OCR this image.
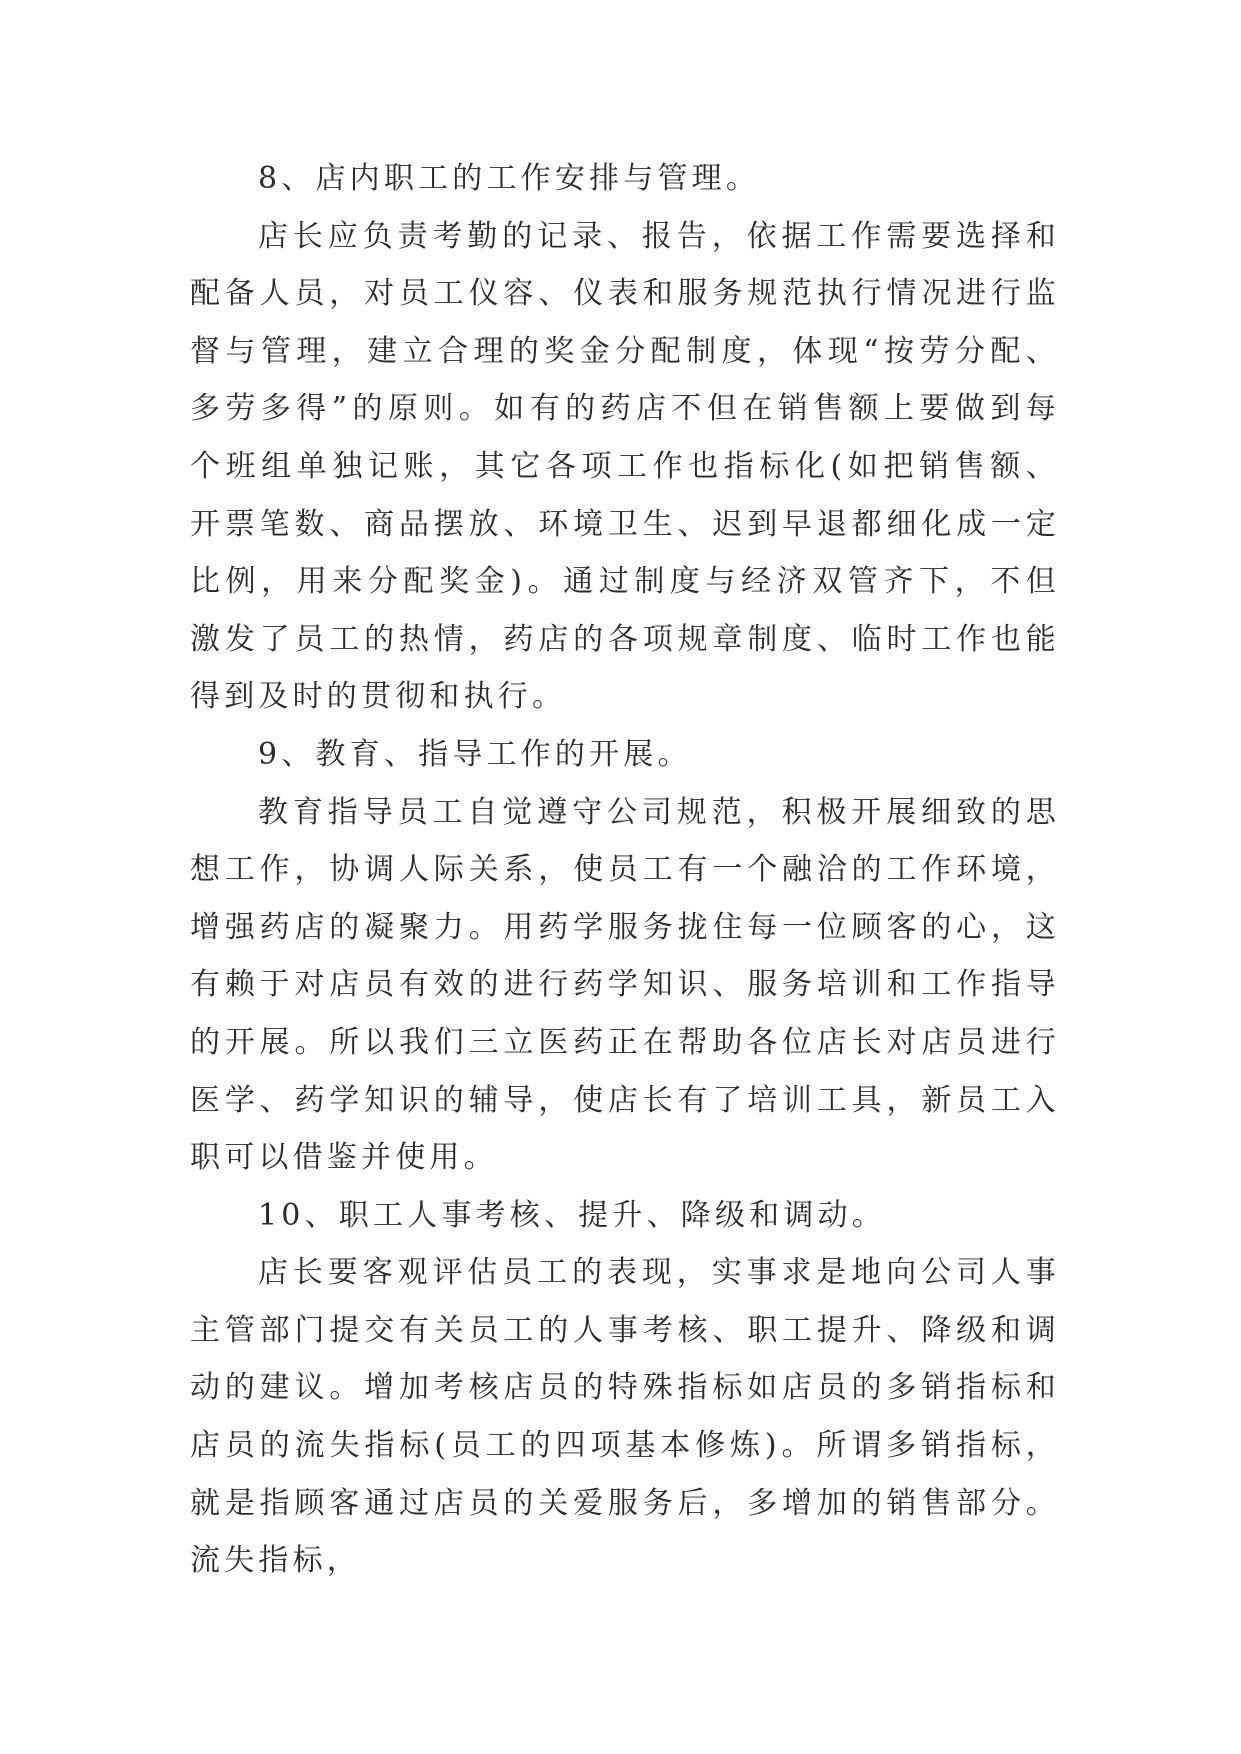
8、店内职工的工作安排与管理。

店长应负责考勤的记录、报告，依据工作需要选择和配备人员，对员工仪容、仪表和服务规范执行情况进行监督与管理，建立合理的奖金分配制度，体现“按劳分配、多劳多得”的原则。如有的药店不但在销售额上要做到每个班组单独记账，其它各项工作也指标化(如把销售额、开票笔数、商品摆放、环境卫生、迟到早退都细化成一定比例，用来分配奖金)。通过制度与经济双管齐下，不但激发了员工的热情，药店的各项规章制度、临时工作也能得到及时的贯彻和执行。

9、教育、指导工作的开展。

教育指导员工自觉遵守公司规范，积极开展细致的思想工作，协调人际关系，使员工有一个融洽的工作环境，增强药店的凝聚力。用药学服务拢住每一位顾客的心，这有赖于对店员有效的进行药学知识、服务培训和工作指导的开展。所以我们三立医药正在帮助各位店长对店员进行医学、药学知识的辅导，使店长有了培训工具，新员工入职可以借鉴并使用。

10、职工人事考核、提升、降级和调动。

店长要客观评估员工的表现，实事求是地向公司人事主管部门提交有关员工的人事考核、职工提升、降级和调动的建议。增加考核店员的特殊指标如店员的多销指标和店员的流失指标(员工的四项基本修炼)。所谓多销指标，就是指顾客通过店员的关爱服务后，多增加的销售部分。流失指标，
